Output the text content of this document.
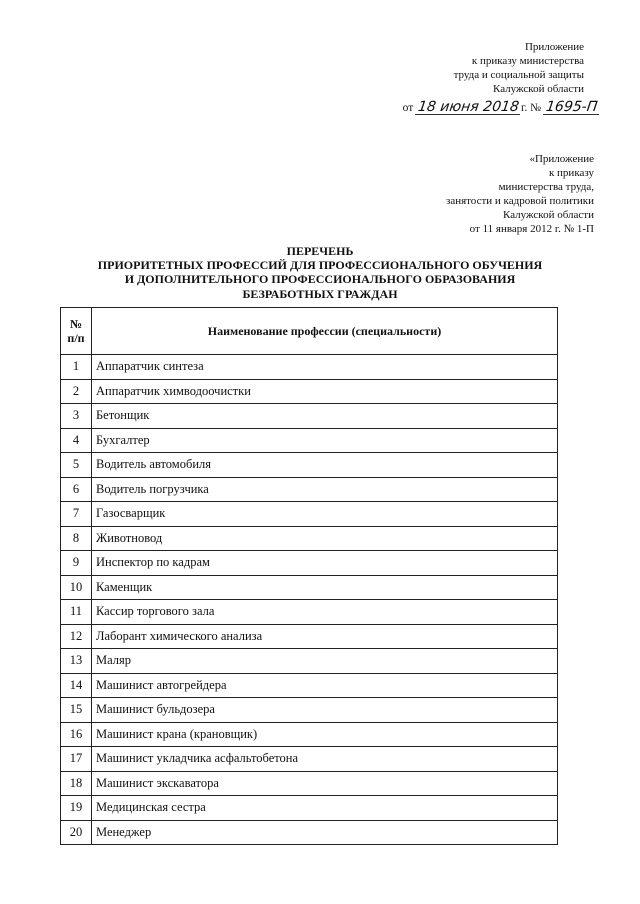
Приложение
к приказу министерства
труда и социальной защиты
Калужской области
от 18 июня 2018г. № 1695-П
«Приложение
к приказу
министерства труда,
занятости и кадровой политики
Калужской области
от 11 января 2012 г. № 1-П
ПЕРЕЧЕНЬ
ПРИОРИТЕТНЫХ ПРОФЕССИЙ ДЛЯ ПРОФЕССИОНАЛЬНОГО ОБУЧЕНИЯ
И ДОПОЛНИТЕЛЬНОГО ПРОФЕССИОНАЛЬНОГО ОБРАЗОВАНИЯ
БЕЗРАБОТНЫХ ГРАЖДАН
№
п/п	Наименование профессии (специальности)
1	Аппаратчик синтеза
2	Аппаратчик химводоочистки
3	Бетонщик
4	Бухгалтер
5	Водитель автомобиля
6	Водитель погрузчика
7	Газосварщик
8	Животновод
9	Инспектор по кадрам
10	Каменщик
11	Кассир торгового зала
12	Лаборант химического анализа
13	Маляр
14	Машинист автогрейдера
15	Машинист бульдозера
16	Машинист крана (крановщик)
17	Машинист укладчика асфальтобетона
18	Машинист экскаватора
19	Медицинская сестра
20	Менеджер
